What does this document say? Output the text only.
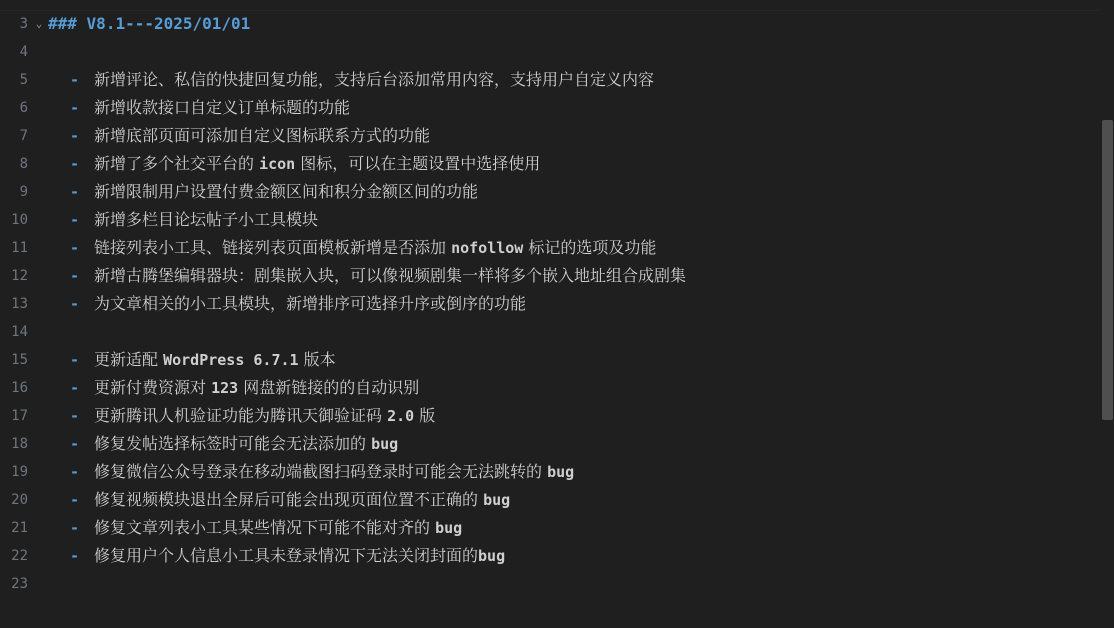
3 ⌄ ### V8.1---2025/01/01
4
5	- 新增评论、私信的快捷回复功能，支持后台添加常用内容，支持用户自定义内容
6	- 新增收款接口自定义订单标题的功能
7	- 新增底部页面可添加自定义图标联系方式的功能
8	- 新增了多个社交平台的 icon 图标，可以在主题设置中选择使用
9	- 新增限制用户设置付费金额区间和积分金额区间的功能
10	- 新增多栏目论坛帖子小工具模块
11	- 链接列表小工具、链接列表页面模板新增是否添加 nofollow 标记的选项及功能
12	- 新增古腾堡编辑器块：剧集嵌入块，可以像视频剧集一样将多个嵌入地址组合成剧集
13	- 为文章相关的小工具模块，新增排序可选择升序或倒序的功能
14
15	- 更新适配 WordPress 6.7.1 版本
16	- 更新付费资源对 123 网盘新链接的的自动识别
17	- 更新腾讯人机验证功能为腾讯天御验证码 2.0 版
18	- 修复发帖选择标签时可能会无法添加的 bug
19	- 修复微信公众号登录在移动端截图扫码登录时可能会无法跳转的 bug
20	- 修复视频模块退出全屏后可能会出现页面位置不正确的 bug
21	- 修复文章列表小工具某些情况下可能不能对齐的 bug
22	- 修复用户个人信息小工具未登录情况下无法关闭封面的bug
23
